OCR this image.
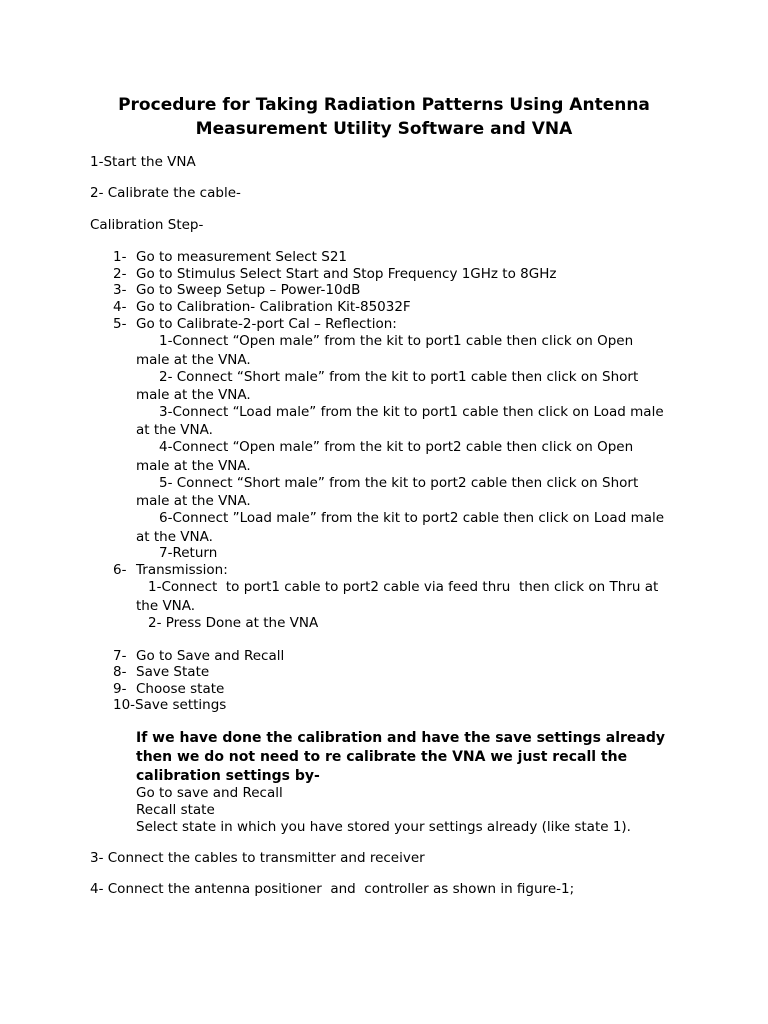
Procedure for Taking Radiation Patterns Using Antenna
Measurement Utility Software and VNA
1-Start the VNA
2- Calibrate the cable-
Calibration Step-
1- Go to measurement Select S21
2- Go to Stimulus Select Start and Stop Frequency 1GHz to 8GHz
3- Go to Sweep Setup – Power-10dB
4- Go to Calibration- Calibration Kit-85032F
5- Go to Calibrate-2-port Cal – Reflection:
1-Connect “Open male” from the kit to port1 cable then click on Open
male at the VNA.
2- Connect “Short male” from the kit to port1 cable then click on Short
male at the VNA.
3-Connect “Load male” from the kit to port1 cable then click on Load male
at the VNA.
4-Connect “Open male” from the kit to port2 cable then click on Open
male at the VNA.
5- Connect “Short male” from the kit to port2 cable then click on Short
male at the VNA.
6-Connect ”Load male” from the kit to port2 cable then click on Load male
at the VNA.
7-Return
6- Transmission:
1-Connect  to port1 cable to port2 cable via feed thru  then click on Thru at
the VNA.
2- Press Done at the VNA
7- Go to Save and Recall
8- Save State
9- Choose state
10-Save settings
If we have done the calibration and have the save settings already
then we do not need to re calibrate the VNA we just recall the
calibration settings by-
Go to save and Recall
Recall state
Select state in which you have stored your settings already (like state 1).
3- Connect the cables to transmitter and receiver
4- Connect the antenna positioner  and  controller as shown in figure-1;
